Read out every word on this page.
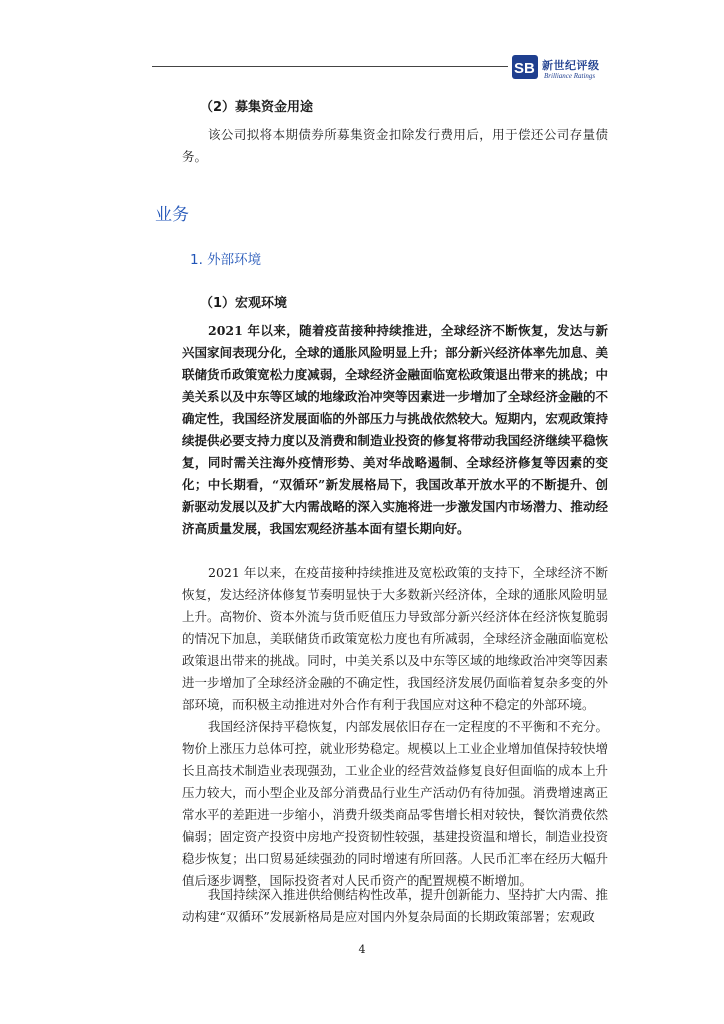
SB 新世纪评级
Brilliance Ratings
（2）募集资金用途

该公司拟将本期债券所募集资金扣除发行费用后，用于偿还公司存量债务。

业务
1. 外部环境
（1）宏观环境

2021 年以来，随着疫苗接种持续推进，全球经济不断恢复，发达与新兴国家间表现分化，全球的通胀风险明显上升；部分新兴经济体率先加息、美联储货币政策宽松力度减弱，全球经济金融面临宽松政策退出带来的挑战；中美关系以及中东等区域的地缘政治冲突等因素进一步增加了全球经济金融的不确定性，我国经济发展面临的外部压力与挑战依然较大。短期内，宏观政策持续提供必要支持力度以及消费和制造业投资的修复将带动我国经济继续平稳恢复，同时需关注海外疫情形势、美对华战略遏制、全球经济修复等因素的变化；中长期看，“双循环”新发展格局下，我国改革开放水平的不断提升、创新驱动发展以及扩大内需战略的深入实施将进一步激发国内市场潜力、推动经济高质量发展，我国宏观经济基本面有望长期向好。

2021 年以来，在疫苗接种持续推进及宽松政策的支持下，全球经济不断恢复，发达经济体修复节奏明显快于大多数新兴经济体，全球的通胀风险明显上升。高物价、资本外流与货币贬值压力导致部分新兴经济体在经济恢复脆弱的情况下加息，美联储货币政策宽松力度也有所减弱，全球经济金融面临宽松政策退出带来的挑战。同时，中美关系以及中东等区域的地缘政治冲突等因素进一步增加了全球经济金融的不确定性，我国经济发展仍面临着复杂多变的外部环境，而积极主动推进对外合作有利于我国应对这种不稳定的外部环境。

我国经济保持平稳恢复，内部发展依旧存在一定程度的不平衡和不充分。物价上涨压力总体可控，就业形势稳定。规模以上工业企业增加值保持较快增长且高技术制造业表现强劲，工业企业的经营效益修复良好但面临的成本上升压力较大，而小型企业及部分消费品行业生产活动仍有待加强。消费增速离正常水平的差距进一步缩小，消费升级类商品零售增长相对较快，餐饮消费依然偏弱；固定资产投资中房地产投资韧性较强，基建投资温和增长，制造业投资稳步恢复；出口贸易延续强劲的同时增速有所回落。人民币汇率在经历大幅升值后逐步调整，国际投资者对人民币资产的配置规模不断增加。

我国持续深入推进供给侧结构性改革，提升创新能力、坚持扩大内需、推动构建“双循环”发展新格局是应对国内外复杂局面的长期政策部署；宏观政

4
